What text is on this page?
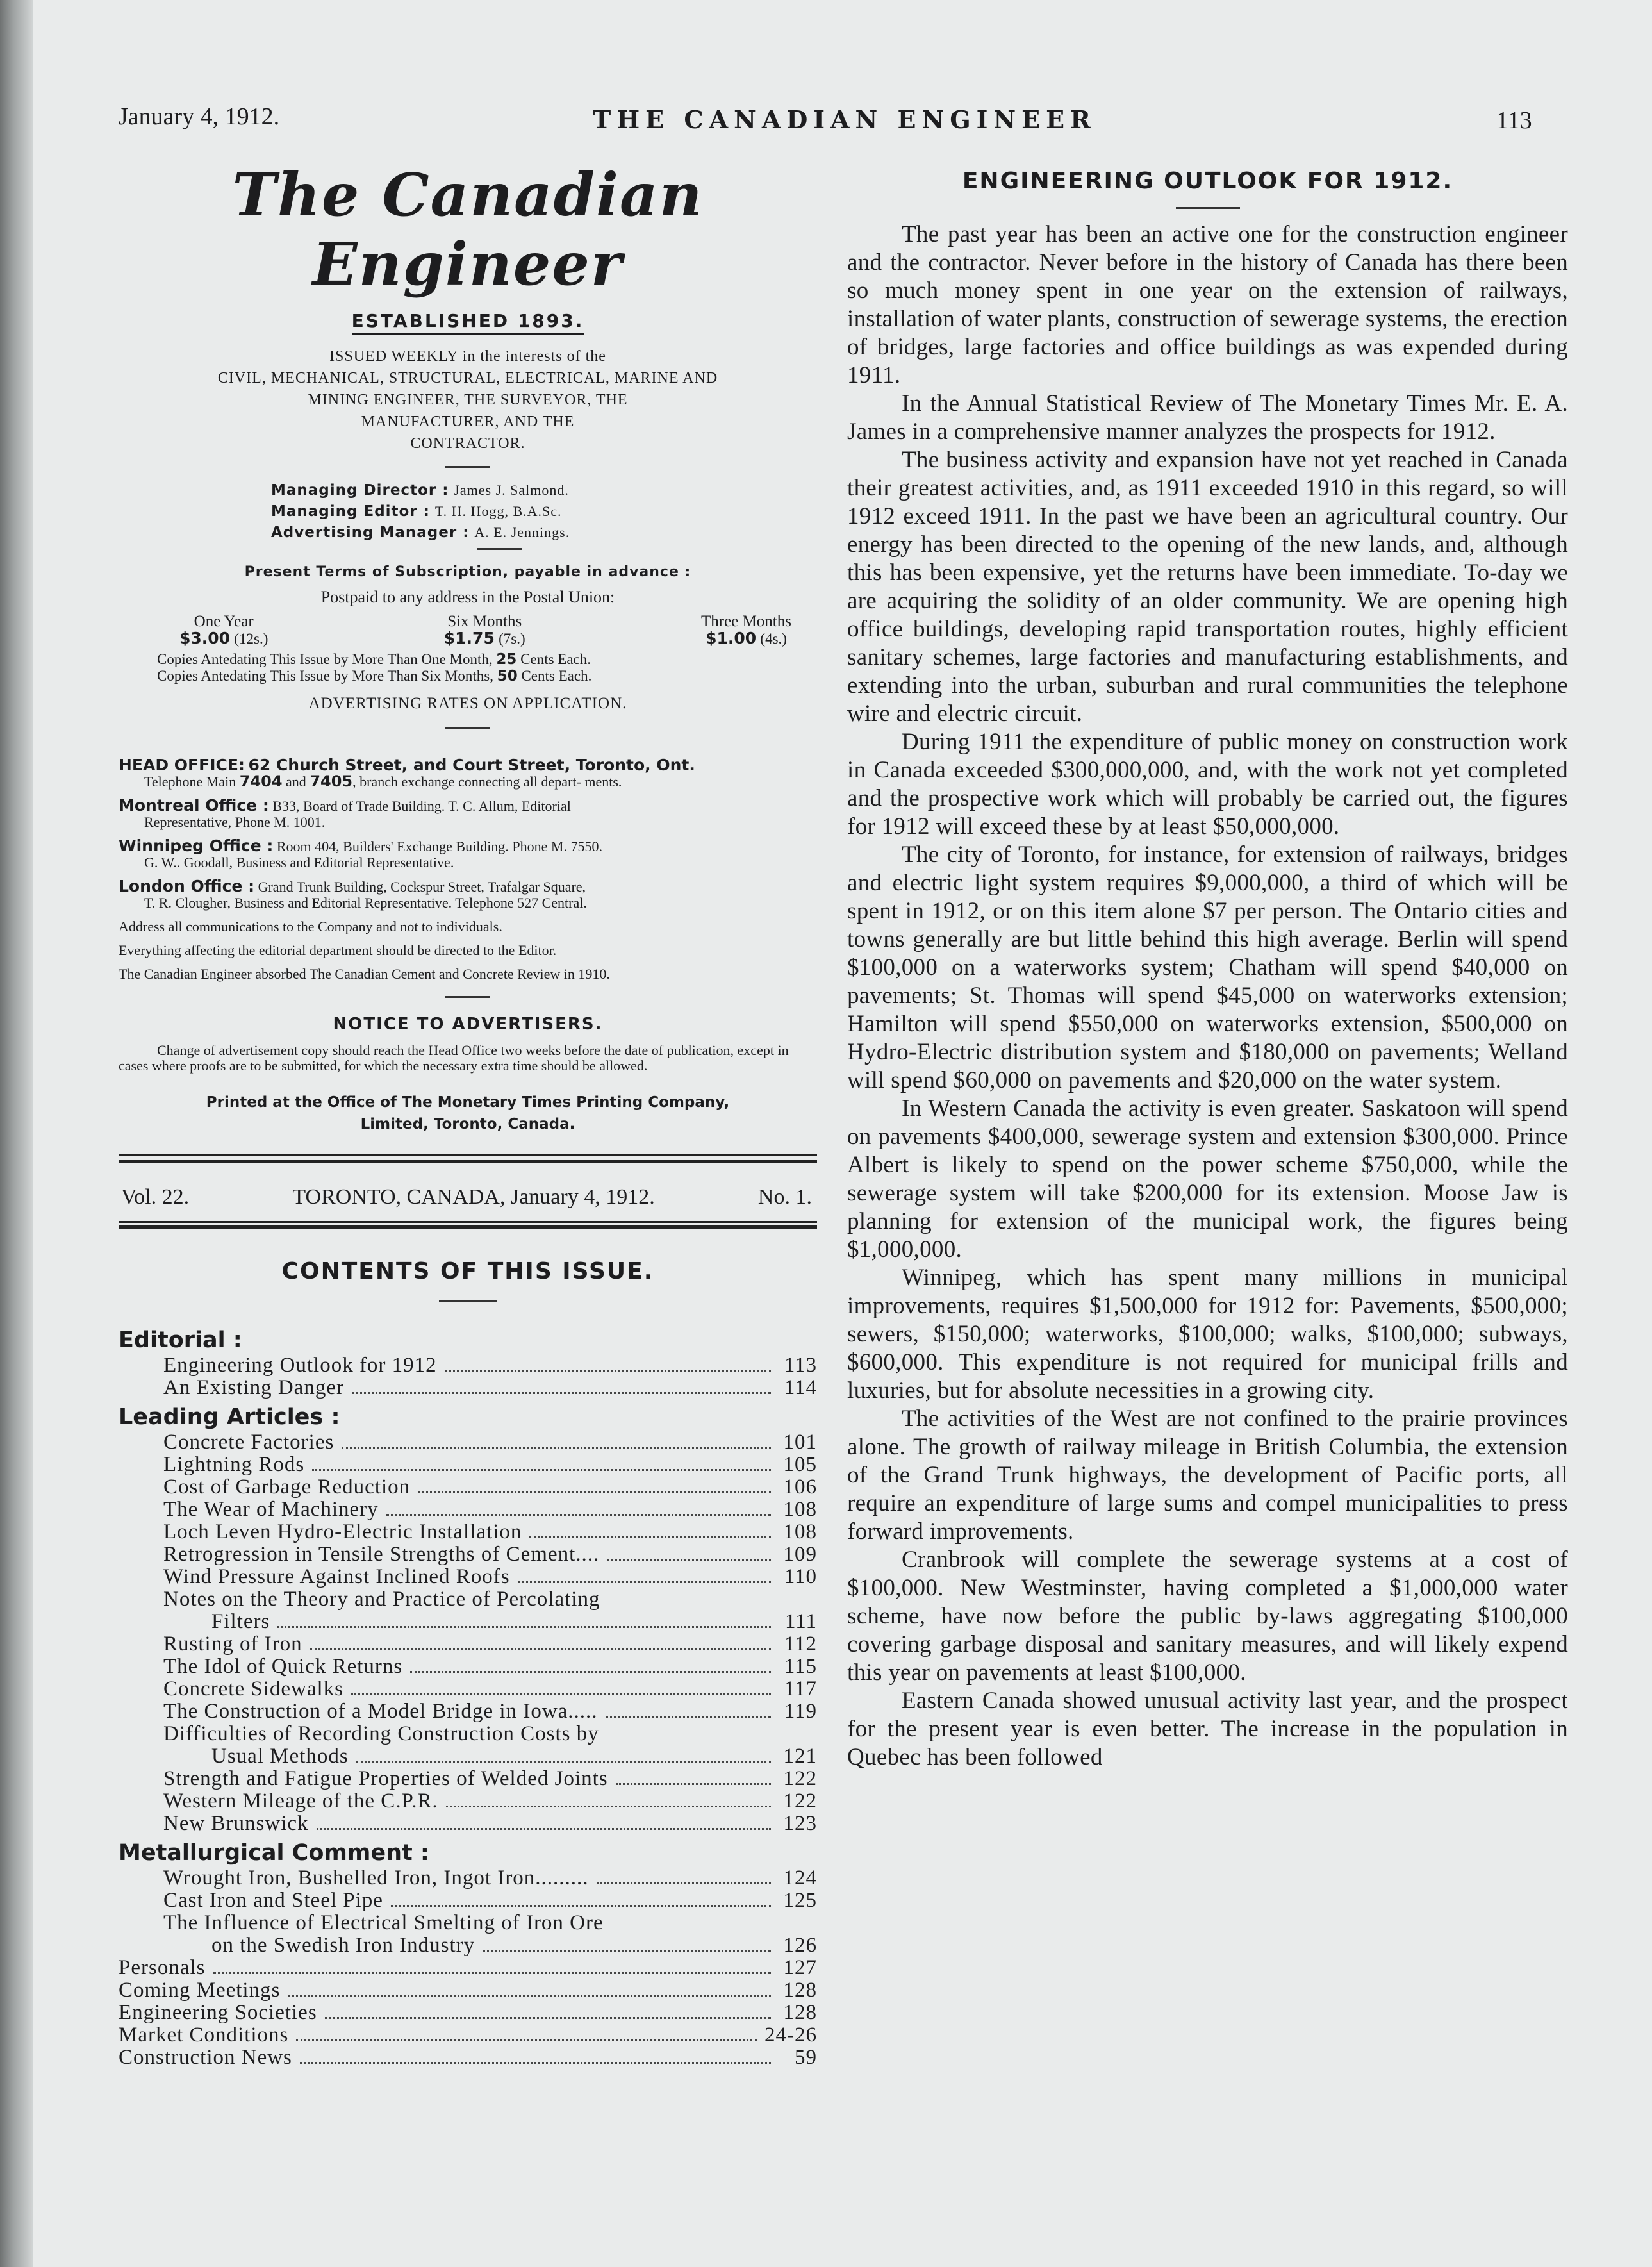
January 4, 1912.	THE CANADIAN ENGINEER	113
The Canadian Engineer
ESTABLISHED 1893.
ISSUED WEEKLY in the interests of the
CIVIL, MECHANICAL, STRUCTURAL, ELECTRICAL, MARINE AND
MINING ENGINEER, THE SURVEYOR, THE
MANUFACTURER, AND THE
CONTRACTOR.
Managing Director : James J. Salmond.
Managing Editor : T. H. Hogg, B.A.Sc.
Advertising Manager : A. E. Jennings.
Present Terms of Subscription, payable in advance :
Postpaid to any address in the Postal Union:
One Year
$3.00 (12s.)
Six Months
$1.75 (7s.)
Three Months
$1.00 (4s.)
Copies Antedating This Issue by More Than One Month, 25 Cents Each.
Copies Antedating This Issue by More Than Six Months, 50 Cents Each.
ADVERTISING RATES ON APPLICATION.
HEAD OFFICE: 62 Church Street, and Court Street, Toronto, Ont.
Telephone Main 7404 and 7405, branch exchange connecting all depart- ments.
Montreal Office : B33, Board of Trade Building. T. C. Allum, Editorial
Representative, Phone M. 1001.
Winnipeg Office : Room 404, Builders' Exchange Building. Phone M. 7550.
G. W.. Goodall, Business and Editorial Representative.
London Office : Grand Trunk Building, Cockspur Street, Trafalgar Square,
T. R. Clougher, Business and Editorial Representative. Telephone 527 Central.

Address all communications to the Company and not to individuals.

Everything affecting the editorial department should be directed to the Editor.

The Canadian Engineer absorbed The Canadian Cement and Concrete Review in 1910.

NOTICE TO ADVERTISERS.
Change of advertisement copy should reach the Head Office two weeks before the date of publication, except in cases where proofs are to be submitted, for which the necessary extra time should be allowed.
Printed at the Office of The Monetary Times Printing Company,
Limited, Toronto, Canada.
Vol. 22.	TORONTO, CANADA, January 4, 1912.	No. 1.
CONTENTS OF THIS ISSUE.
Editorial :
Engineering Outlook for 1912	113
An Existing Danger	114
Leading Articles :
Concrete Factories	101
Lightning Rods	105
Cost of Garbage Reduction	106
The Wear of Machinery	108
Loch Leven Hydro-Electric Installation	108
Retrogression in Tensile Strengths of Cement....	109
Wind Pressure Against Inclined Roofs	110
Notes on the Theory and Practice of Percolating
Filters	111
Rusting of Iron	112
The Idol of Quick Returns	115
Concrete Sidewalks	117
The Construction of a Model Bridge in Iowa.....	119
Difficulties of Recording Construction Costs by
Usual Methods	121
Strength and Fatigue Properties of Welded Joints	122
Western Mileage of the C.P.R.	122
New Brunswick	123
Metallurgical Comment :
Wrought Iron, Bushelled Iron, Ingot Iron.........	124
Cast Iron and Steel Pipe	125
The Influence of Electrical Smelting of Iron Ore
on the Swedish Iron Industry	126
Personals	127
Coming Meetings	128
Engineering Societies	128
Market Conditions	24-26
Construction News	59
ENGINEERING OUTLOOK FOR 1912.

The past year has been an active one for the construction engineer and the contractor. Never before in the history of Canada has there been so much money spent in one year on the extension of railways, installation of water plants, construction of sewerage systems, the erection of bridges, large factories and office buildings as was expended during 1911.

In the Annual Statistical Review of The Monetary Times Mr. E. A. James in a comprehensive manner analyzes the prospects for 1912.

The business activity and expansion have not yet reached in Canada their greatest activities, and, as 1911 exceeded 1910 in this regard, so will 1912 exceed 1911. In the past we have been an agricultural country. Our energy has been directed to the opening of the new lands, and, although this has been expensive, yet the returns have been immediate. To-day we are acquiring the solidity of an older community. We are opening high office buildings, developing rapid transportation routes, highly efficient sanitary schemes, large factories and manufacturing establishments, and extending into the urban, suburban and rural communities the telephone wire and electric circuit.

During 1911 the expenditure of public money on construction work in Canada exceeded $300,000,000, and, with the work not yet completed and the prospective work which will probably be carried out, the figures for 1912 will exceed these by at least $50,000,000.

The city of Toronto, for instance, for extension of railways, bridges and electric light system requires $9,000,000, a third of which will be spent in 1912, or on this item alone $7 per person. The Ontario cities and towns generally are but little behind this high average. Berlin will spend $100,000 on a waterworks system; Chatham will spend $40,000 on pavements; St. Thomas will spend $45,000 on waterworks extension; Hamilton will spend $550,000 on waterworks extension, $500,000 on Hydro-Electric distribution system and $180,000 on pavements; Welland will spend $60,000 on pavements and $20,000 on the water system.

In Western Canada the activity is even greater. Saskatoon will spend on pavements $400,000, sewerage system and extension $300,000. Prince Albert is likely to spend on the power scheme $750,000, while the sewerage system will take $200,000 for its extension. Moose Jaw is planning for extension of the municipal work, the figures being $1,000,000.

Winnipeg, which has spent many millions in municipal improvements, requires $1,500,000 for 1912 for: Pavements, $500,000; sewers, $150,000; waterworks, $100,000; walks, $100,000; subways, $600,000. This expenditure is not required for municipal frills and luxuries, but for absolute necessities in a growing city.

The activities of the West are not confined to the prairie provinces alone. The growth of railway mileage in British Columbia, the extension of the Grand Trunk highways, the development of Pacific ports, all require an expenditure of large sums and compel municipalities to press forward improvements.

Cranbrook will complete the sewerage systems at a cost of $100,000. New Westminster, having completed a $1,000,000 water scheme, have now before the public by-laws aggregating $100,000 covering garbage disposal and sanitary measures, and will likely expend this year on pavements at least $100,000.

Eastern Canada showed unusual activity last year, and the prospect for the present year is even better. The increase in the population in Quebec has been followed
